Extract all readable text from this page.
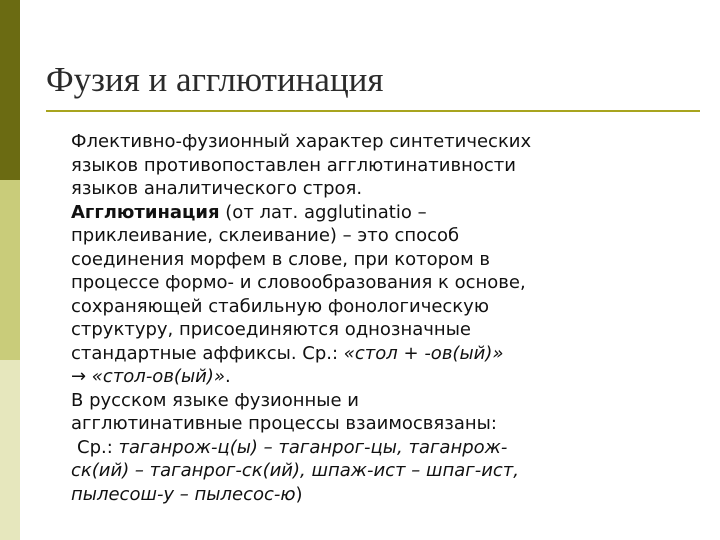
Фузия и агглютинация

Флективно-фузионный характер синтетических
языков противопоставлен агглютинативности
языков аналитического строя.

Агглютинация (от лат. agglutinatio –
приклеивание, склеивание) – это способ
соединения морфем в слове, при котором в
процессе формо- и словообразования к основе,
сохраняющей стабильную фонологическую
структуру, присоединяются однозначные
стандартные аффиксы. Ср.: «стол + -ов(ый)»
→ «стол-ов(ый)».

В русском языке фузионные и
агглютинативные процессы взаимосвязаны:
Ср.: таганрож-ц(ы) – таганрог-цы, таганрож-
ск(ий) – таганрог-ск(ий), шпаж-ист – шпаг-ист,
пылесош-у – пылесос-ю)
